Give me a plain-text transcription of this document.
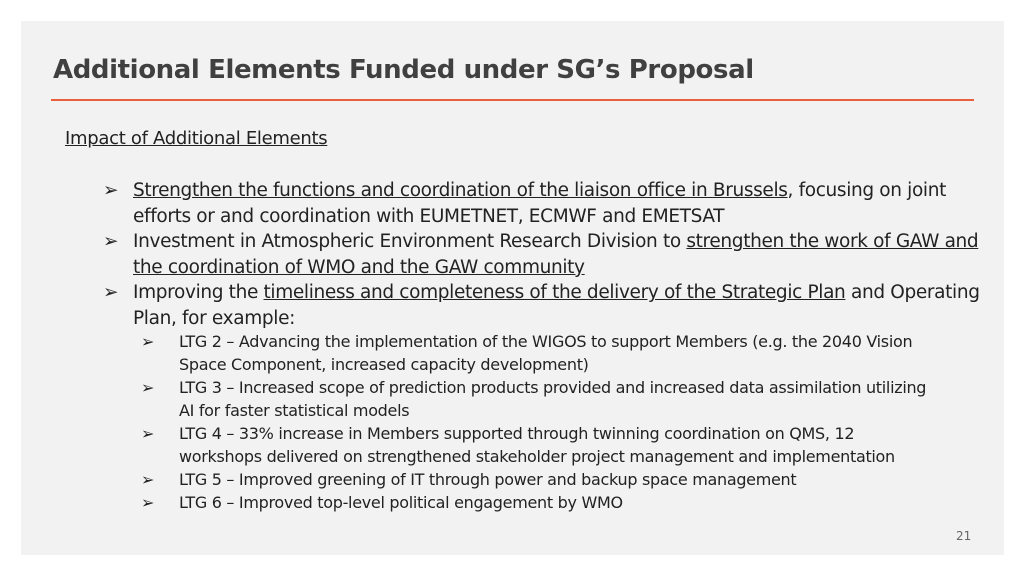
Additional Elements Funded under SG’s Proposal
Impact of Additional Elements
➢ Strengthen the functions and coordination of the liaison office in Brussels, focusing on joint efforts or and coordination with EUMETNET, ECMWF and EMETSAT
➢ Investment in Atmospheric Environment Research Division to strengthen the work of GAW and the coordination of WMO and the GAW community
➢ Improving the timeliness and completeness of the delivery of the Strategic Plan and Operating Plan, for example:
➢ LTG 2 – Advancing the implementation of the WIGOS to support Members (e.g. the 2040 Vision Space Component, increased capacity development)
➢ LTG 3 – Increased scope of prediction products provided and increased data assimilation utilizing AI for faster statistical models
➢ LTG 4 – 33% increase in Members supported through twinning coordination on QMS, 12 workshops delivered on strengthened stakeholder project management and implementation
➢ LTG 5 – Improved greening of IT through power and backup space management
➢ LTG 6 – Improved top-level political engagement by WMO
21
